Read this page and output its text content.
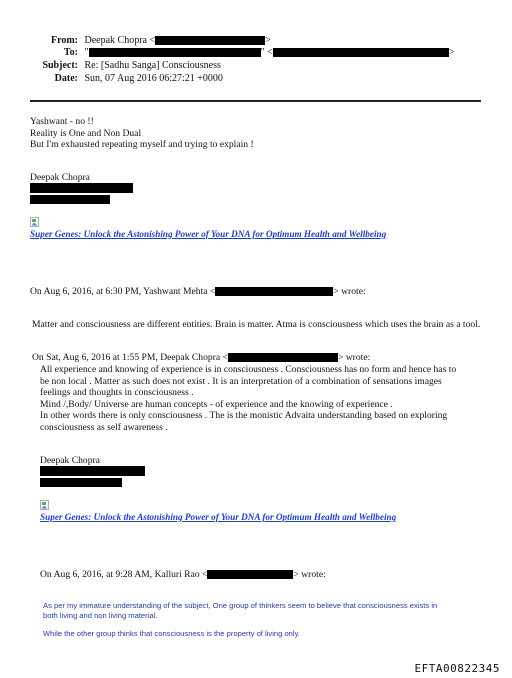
From: Deepak Chopra <	>
To: "	" <	>
Subject: Re: [Sadhu Sanga] Consciousness
Date: Sun, 07 Aug 2016 06:27:21 +0000
Yashwant - no !!
Reality is One and Non Dual
But I'm exhausted repeating myself and trying to explain !
Deepak Chopra
Super Genes: Unlock the Astonishing Power of Your DNA for Optimum Health and Wellbeing
On Aug 6, 2016, at 6:30 PM, Yashwant Mehta <	> wrote:
Matter and consciousness are different entities. Brain is matter. Atma is consciousness which uses the brain as a tool.
On Sat, Aug 6, 2016 at 1:55 PM, Deepak Chopra <	> wrote:
All experience and knowing of experience is in consciousness . Consciousness has no form and hence has to
be non local . Matter as such does not exist . It is an interpretation of a combination of sensations images
feelings and thoughts in consciousness .
Mind /,Body/ Universe are human concepts - of experience and the knowing of experience .
In other words there is only consciousness . The is the monistic Advaita understanding based on exploring
consciousness as self awareness .
Deepak Chopra
Super Genes: Unlock the Astonishing Power of Your DNA for Optimum Health and Wellbeing
On Aug 6, 2016, at 9:28 AM, Kalluri Rao <	> wrote:
As per my immature understanding of the subject, One group of thinkers seem to believe that consciousness exists in
both living and non living material.
While the other group thinks that consciousness is the property of living only.
EFTA00822345
